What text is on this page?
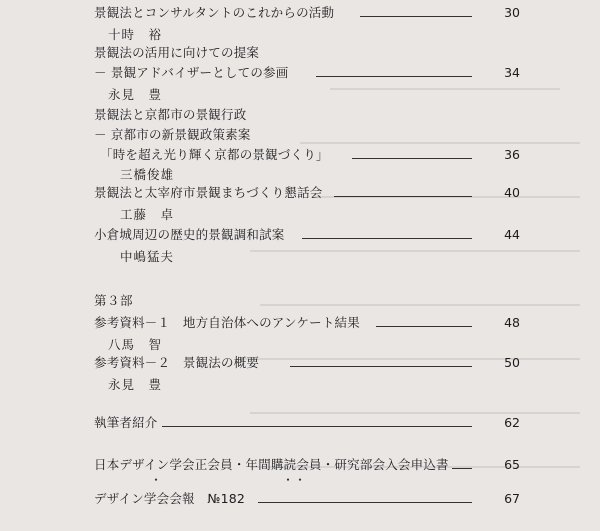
景観法とコンサルタントのこれからの活動	30
十時　裕
景観法の活用に向けての提案
－ 景観アドバイザーとしての参画	34
永見　豊
景観法と京都市の景観行政
－ 京都市の新景観政策素案
「時を超え光り輝く京都の景観づくり」	36
三橋俊雄
景観法と太宰府市景観まちづくり懇話会	40
工藤　卓
小倉城周辺の歴史的景観調和試案	44
中嶋猛夫
第３部
参考資料－１　地方自治体へのアンケート結果	48
八馬　智
参考資料－２　景観法の概要	50
永見　豊
執筆者紹介	62
日本デザイン学会正会員・年間購読会員・研究部会入会申込書	65
・　　　　　　　　　　・・
デザイン学会会報　№182	67
